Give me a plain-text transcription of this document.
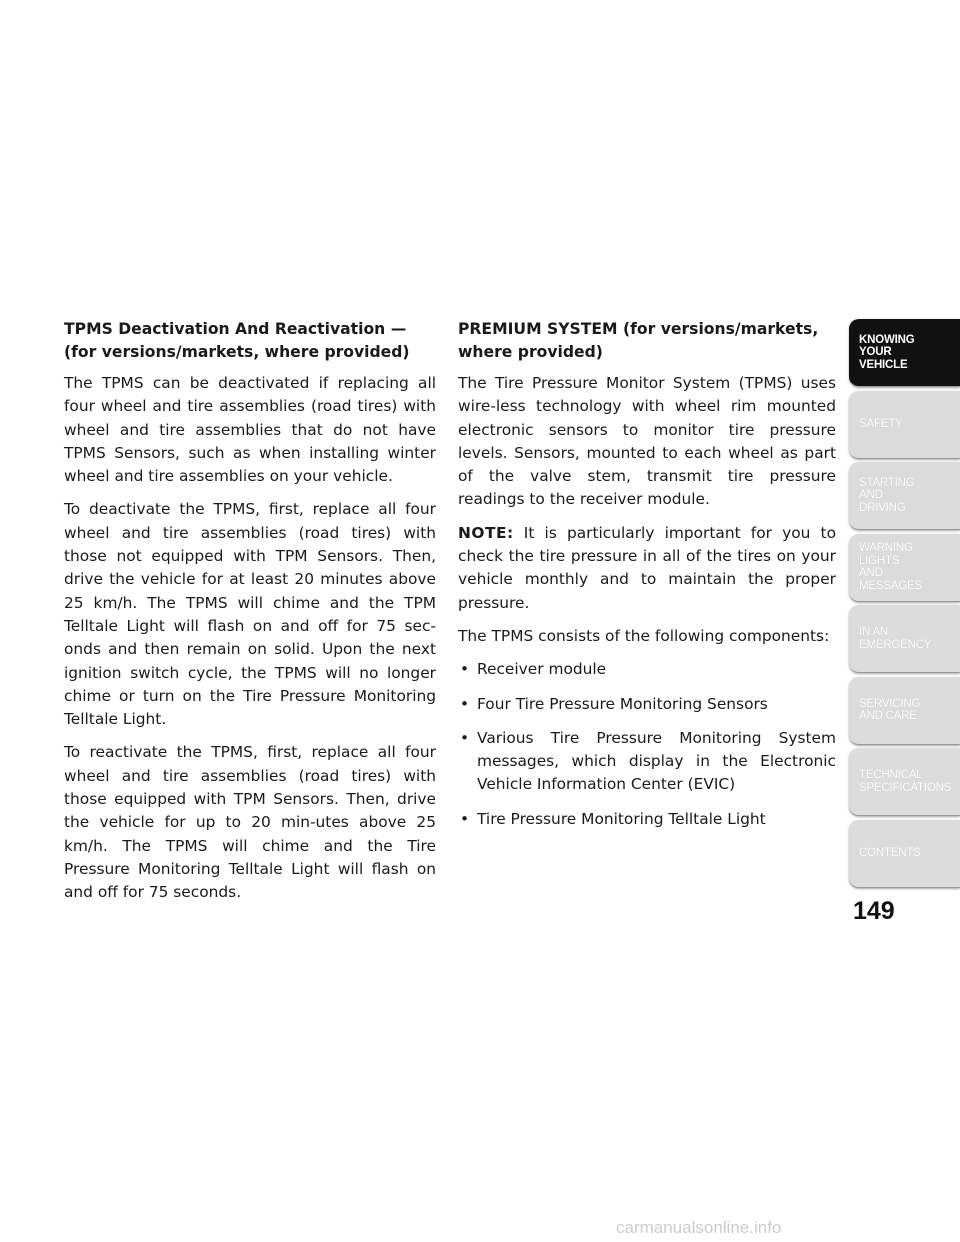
TPMS Deactivation And Reactivation —
(for versions/markets, where provided)

The TPMS can be deactivated if replacing all four wheel and tire assemblies (road tires) with wheel and tire assemblies that do not have TPMS Sensors, such as when installing winter wheel and tire assemblies on your vehicle.

To deactivate the TPMS, first, replace all four wheel and tire assemblies (road tires) with those not equipped with TPM Sensors. Then, drive the vehicle for at least 20 minutes above 25 km/h. The TPMS will chime and the TPM Telltale Light will flash on and off for 75 sec-onds and then remain on solid. Upon the next ignition switch cycle, the TPMS will no longer chime or turn on the Tire Pressure Monitoring Telltale Light.

To reactivate the TPMS, first, replace all four wheel and tire assemblies (road tires) with those equipped with TPM Sensors. Then, drive the vehicle for up to 20 min-utes above 25 km/h. The TPMS will chime and the Tire Pressure Monitoring Telltale Light will flash on and off for 75 seconds.

PREMIUM SYSTEM (for versions/markets,
where provided)

The Tire Pressure Monitor System (TPMS) uses wire-less technology with wheel rim mounted electronic sensors to monitor tire pressure levels. Sensors, mounted to each wheel as part of the valve stem, transmit tire pressure readings to the receiver module.

NOTE: It is particularly important for you to check the tire pressure in all of the tires on your vehicle monthly and to maintain the proper pressure.

The TPMS consists of the following components:

• Receiver module
• Four Tire Pressure Monitoring Sensors
• Various Tire Pressure Monitoring System messages, which display in the Electronic Vehicle Information Center (EVIC)
• Tire Pressure Monitoring Telltale Light
KNOWING
YOUR
VEHICLE
SAFETY
STARTING
AND
DRIVING
WARNING
LIGHTS
AND
MESSAGES
IN AN
EMERGENCY
SERVICING
AND CARE
TECHNICAL
SPECIFICATIONS
CONTENTS
149
carmanualsonline.info
